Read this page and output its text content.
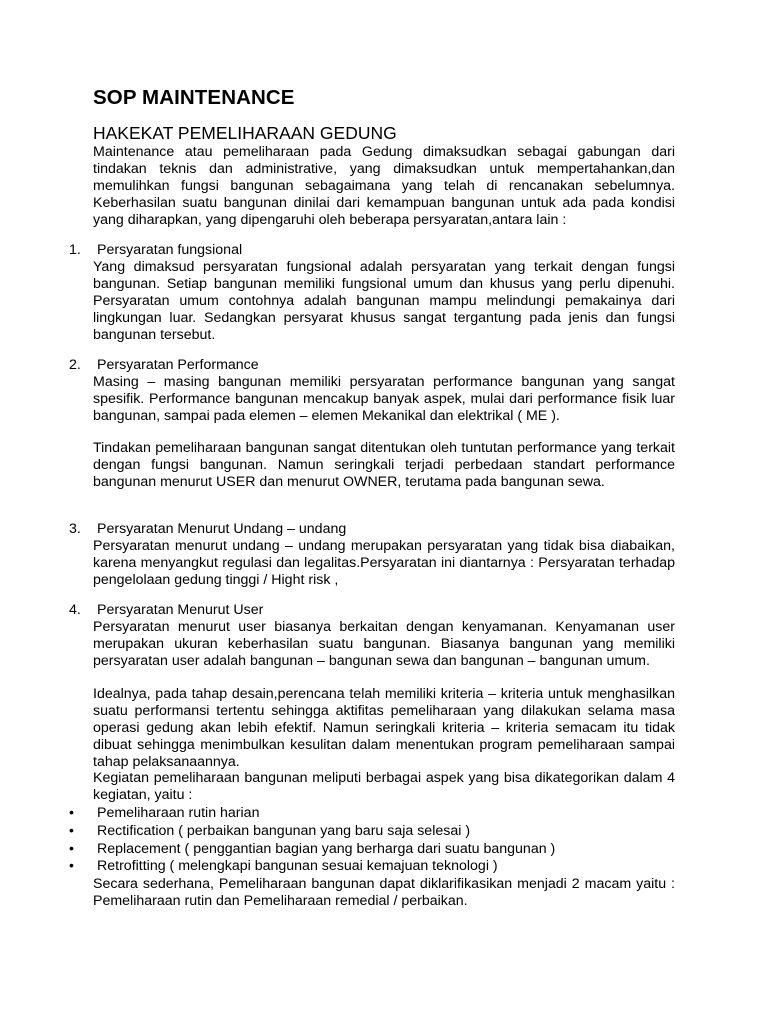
SOP MAINTENANCE
HAKEKAT PEMELIHARAAN GEDUNG
Maintenance atau pemeliharaan pada Gedung dimaksudkan sebagai gabungan dari tindakan teknis dan administrative, yang dimaksudkan untuk mempertahankan,dan memulihkan fungsi bangunan sebagaimana yang telah di rencanakan sebelumnya. Keberhasilan suatu bangunan dinilai dari kemampuan bangunan untuk ada pada kondisi yang diharapkan, yang dipengaruhi oleh beberapa persyaratan,antara lain :
1. Persyaratan fungsional
Yang dimaksud persyaratan fungsional adalah persyaratan yang terkait dengan fungsi bangunan. Setiap bangunan memiliki fungsional umum dan khusus yang perlu dipenuhi. Persyaratan umum contohnya adalah bangunan mampu melindungi pemakainya dari lingkungan luar. Sedangkan persyarat khusus sangat tergantung pada jenis dan fungsi bangunan tersebut.
2. Persyaratan Performance
Masing – masing bangunan memiliki persyaratan performance bangunan yang sangat spesifik. Performance bangunan mencakup banyak aspek, mulai dari performance fisik luar bangunan, sampai pada elemen – elemen Mekanikal dan elektrikal ( ME ).
Tindakan pemeliharaan bangunan sangat ditentukan oleh tuntutan performance yang terkait dengan fungsi bangunan. Namun seringkali terjadi perbedaan standart performance bangunan menurut USER dan menurut OWNER, terutama pada bangunan sewa.
3. Persyaratan Menurut Undang – undang
Persyaratan menurut undang – undang merupakan persyaratan yang tidak bisa diabaikan, karena menyangkut regulasi dan legalitas.Persyaratan ini diantarnya : Persyaratan terhadap pengelolaan gedung tinggi / Hight risk ,
4. Persyaratan Menurut User
Persyaratan menurut user biasanya berkaitan dengan kenyamanan. Kenyamanan user merupakan ukuran keberhasilan suatu bangunan. Biasanya bangunan yang memiliki persyaratan user adalah bangunan – bangunan sewa dan bangunan – bangunan umum.
Idealnya, pada tahap desain,perencana telah memiliki kriteria – kriteria untuk menghasilkan suatu performansi tertentu sehingga aktifitas pemeliharaan yang dilakukan selama masa operasi gedung akan lebih efektif. Namun seringkali kriteria – kriteria semacam itu tidak dibuat sehingga menimbulkan kesulitan dalam menentukan program pemeliharaan sampai tahap pelaksanaannya.
Kegiatan pemeliharaan bangunan meliputi berbagai aspek yang bisa dikategorikan dalam 4 kegiatan, yaitu :
• Pemeliharaan rutin harian
• Rectification ( perbaikan bangunan yang baru saja selesai )
• Replacement ( penggantian bagian yang berharga dari suatu bangunan )
• Retrofitting ( melengkapi bangunan sesuai kemajuan teknologi )
Secara sederhana, Pemeliharaan bangunan dapat diklarifikasikan menjadi 2 macam yaitu : Pemeliharaan rutin dan Pemeliharaan remedial / perbaikan.
